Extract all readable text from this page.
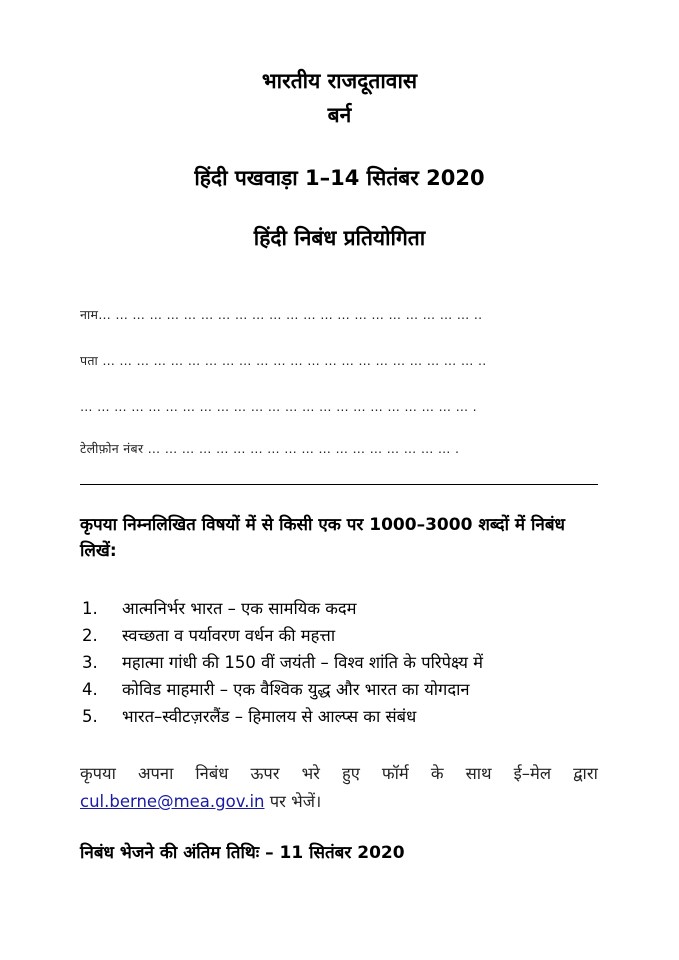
भारतीय राजदूतावास
बर्न
हिंदी पखवाड़ा 1–14 सितंबर 2020
हिंदी निबंध प्रतियोगिता
नाम… … … … … … … … … … … … … … … … … … … … … … ..
पता … … … … … … … … … … … … … … … … … … … … … … ..
… … … … … … … … … … … … … … … … … … … … … … … .
टेलीफ़ोन नंबर … … … … … … … … … … … … … … … … … … .
कृपया निम्नलिखित विषयों में से किसी एक पर 1000–3000 शब्दों में निबंध लिखें:
1. आत्मनिर्भर भारत – एक सामयिक कदम
2. स्वच्छता व पर्यावरण वर्धन की महत्ता
3. महात्मा गांधी की 150 वीं जयंती – विश्व शांति के परिपेक्ष्य में
4. कोविड माहमारी – एक वैश्विक युद्ध और भारत का योगदान
5. भारत–स्वीटज़रलैंड – हिमालय से आल्प्स का संबंध
कृपया अपना निबंध ऊपर भरे हुए फॉर्म के साथ ई–मेल द्वारा
cul.berne@mea.gov.in पर भेजें।
निबंध भेजने की अंतिम तिथिः – 11 सितंबर 2020
